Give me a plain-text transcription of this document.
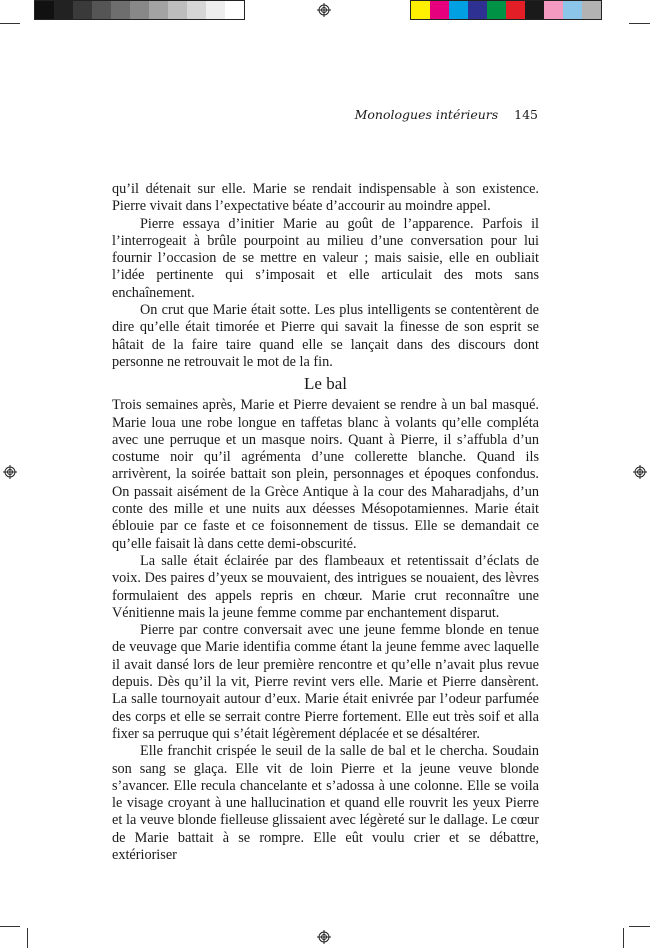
Monologues intérieurs 145

qu’il détenait sur elle. Marie se rendait indispensable à son existence. Pierre vivait dans l’expectative béate d’accourir au moindre appel.

Pierre essaya d’initier Marie au goût de l’apparence. Parfois il l’interrogeait à brûle pourpoint au milieu d’une conversation pour lui fournir l’occasion de se mettre en valeur ; mais saisie, elle en oubliait l’idée pertinente qui s’imposait et elle articulait des mots sans enchaînement.

On crut que Marie était sotte. Les plus intelligents se contentèrent de dire qu’elle était timorée et Pierre qui savait la finesse de son esprit se hâtait de la faire taire quand elle se lançait dans des discours dont personne ne retrouvait le mot de la fin.

Le bal

Trois semaines après, Marie et Pierre devaient se rendre à un bal masqué. Marie loua une robe longue en taffetas blanc à volants qu’elle compléta avec une perruque et un masque noirs. Quant à Pierre, il s’affubla d’un costume noir qu’il agrémenta d’une collerette blanche. Quand ils arrivèrent, la soirée battait son plein, personnages et époques confondus. On passait aisément de la Grèce Antique à la cour des Maharadjahs, d’un conte des mille et une nuits aux déesses Mésopotamiennes. Marie était éblouie par ce faste et ce foisonnement de tissus. Elle se demandait ce qu’elle faisait là dans cette demi-obscurité.

La salle était éclairée par des flambeaux et retentissait d’éclats de voix. Des paires d’yeux se mouvaient, des intrigues se nouaient, des lèvres formulaient des appels repris en chœur. Marie crut reconnaître une Vénitienne mais la jeune femme comme par enchantement disparut.

Pierre par contre conversait avec une jeune femme blonde en tenue de veuvage que Marie identifia comme étant la jeune femme avec laquelle il avait dansé lors de leur première rencontre et qu’elle n’avait plus revue depuis. Dès qu’il la vit, Pierre revint vers elle. Marie et Pierre dansèrent. La salle tournoyait autour d’eux. Marie était enivrée par l’odeur parfumée des corps et elle se serrait contre Pierre fortement. Elle eut très soif et alla fixer sa perruque qui s’était légèrement déplacée et se désaltérer.

Elle franchit crispée le seuil de la salle de bal et le chercha. Soudain son sang se glaça. Elle vit de loin Pierre et la jeune veuve blonde s’avancer. Elle recula chancelante et s’adossa à une colonne. Elle se voila le visage croyant à une hallucination et quand elle rouvrit les yeux Pierre et la veuve blonde fielleuse glissaient avec légèreté sur le dallage. Le cœur de Marie battait à se rompre. Elle eût voulu crier et se débattre, extérioriser
